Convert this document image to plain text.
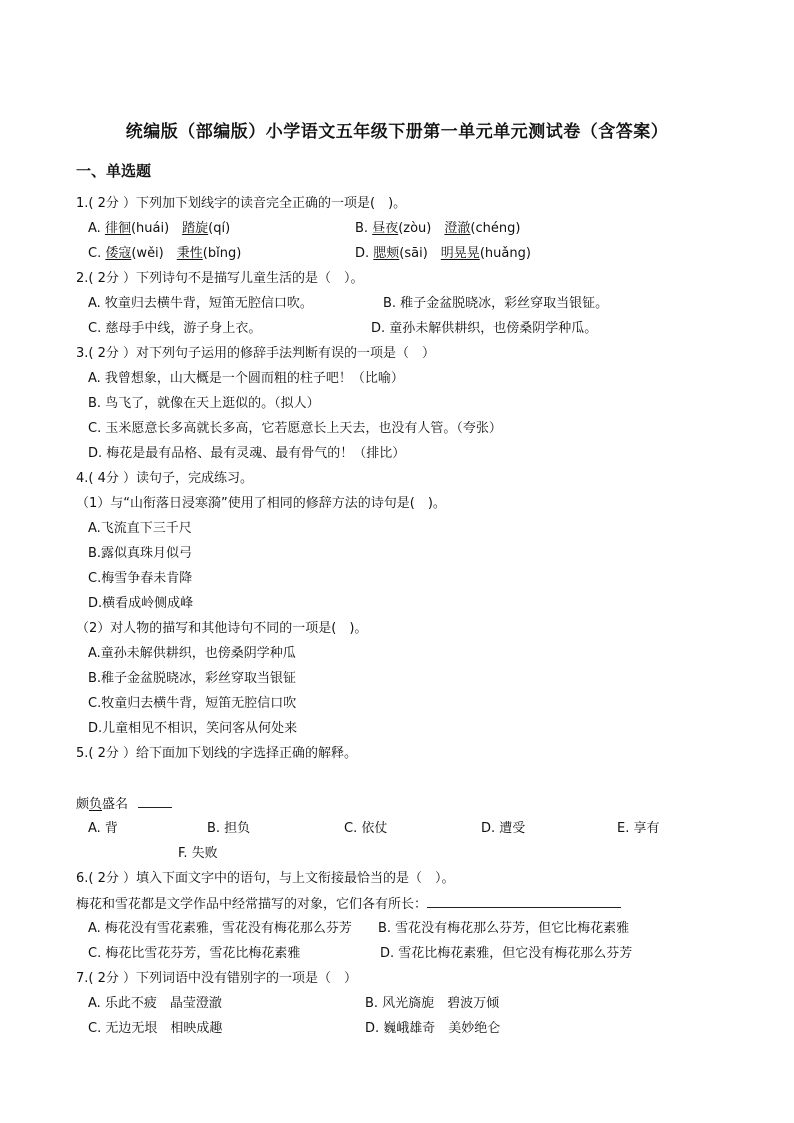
统编版（部编版）小学语文五年级下册第一单元单元测试卷（含答案）
一、单选题
1.( 2分 ）下列加下划线字的读音完全正确的一项是(　)。
A. 徘徊(huái)　踏旋(qí)	B. 昼夜(zòu)　澄澈(chéng)
C. 倭寇(wěi)　秉性(bǐng)	D. 腮颊(sāi)　明晃晃(huǎng)
2.( 2分 ）下列诗句不是描写儿童生活的是（　）。
A. 牧童归去横牛背，短笛无腔信口吹。	B. 稚子金盆脱晓冰，彩丝穿取当银钲。
C. 慈母手中线，游子身上衣。	D. 童孙未解供耕织，也傍桑阴学种瓜。
3.( 2分 ）对下列句子运用的修辞手法判断有误的一项是（　）
A. 我曾想象，山大概是一个圆而粗的柱子吧！（比喻）
B. 鸟飞了，就像在天上逛似的。（拟人）
C. 玉米愿意长多高就长多高，它若愿意长上天去，也没有人管。（夸张）
D. 梅花是最有品格、最有灵魂、最有骨气的！（排比）
4.( 4分 ）读句子，完成练习。
（1）与“山衔落日浸寒漪”使用了相同的修辞方法的诗句是(　)。
A.飞流直下三千尺
B.露似真珠月似弓
C.梅雪争春未肯降
D.横看成岭侧成峰
（2）对人物的描写和其他诗句不同的一项是(　)。
A.童孙未解供耕织，也傍桑阴学种瓜
B.稚子金盆脱晓冰，彩丝穿取当银钲
C.牧童归去横牛背，短笛无腔信口吹
D.儿童相见不相识，笑问客从何处来
5.( 2分 ）给下面加下划线的字选择正确的解释。
颇负盛名
A. 背	B. 担负	C. 依仗	D. 遭受	E. 享有
F. 失败
6.( 2分 ）填入下面文字中的语句，与上文衔接最恰当的是（　）。
梅花和雪花都是文学作品中经常描写的对象，它们各有所长：
A. 梅花没有雪花素雅，雪花没有梅花那么芬芳 B. 雪花没有梅花那么芬芳，但它比梅花素雅
C. 梅花比雪花芬芳，雪花比梅花素雅	D. 雪花比梅花素雅，但它没有梅花那么芬芳
7.( 2分 ）下列词语中没有错别字的一项是（　）
A. 乐此不疲　晶莹澄澈	B. 风光旖旎　碧波万倾
C. 无边无垠　相映成趣	D. 巍峨雄奇　美妙绝仑
